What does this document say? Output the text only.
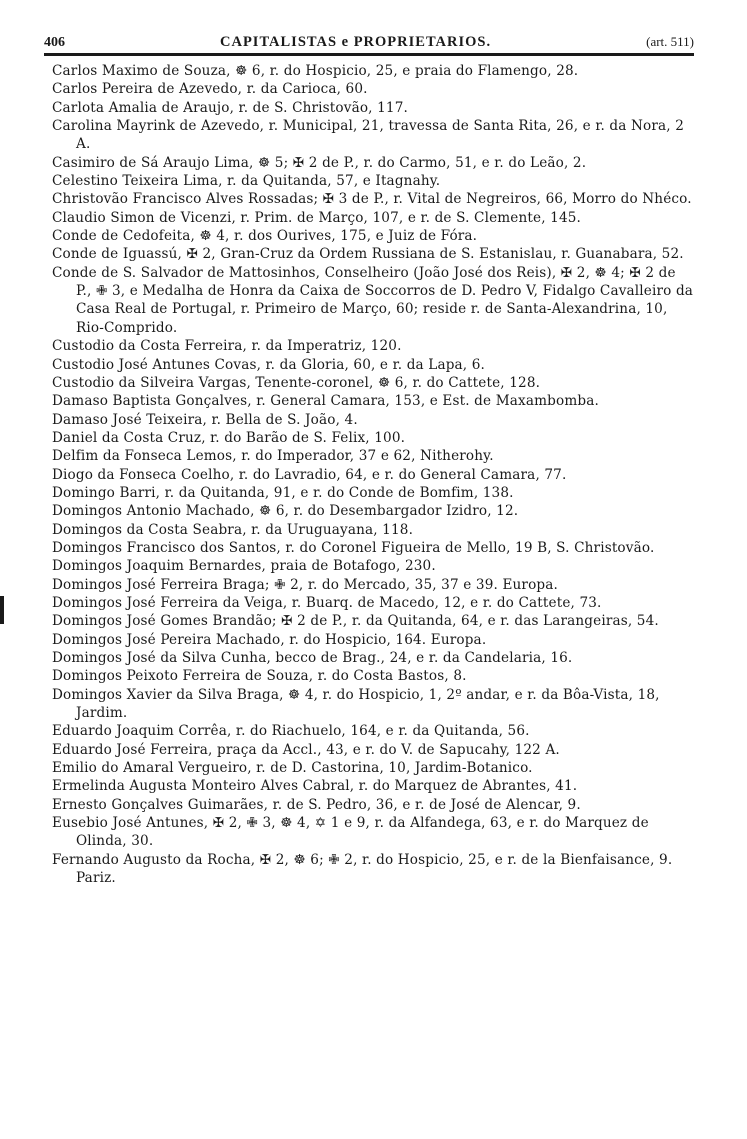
406	CAPITALISTAS e PROPRIETARIOS.	(art. 511)

Carlos Maximo de Souza, ☸ 6, r. do Hospicio, 25, e praia do Flamengo, 28.

Carlos Pereira de Azevedo, r. da Carioca, 60.

Carlota Amalia de Araujo, r. de S. Christovão, 117.

Carolina Mayrink de Azevedo, r. Municipal, 21, travessa de Santa Rita, 26, e r. da Nora, 2 A.

Casimiro de Sá Araujo Lima, ☸ 5; ✠ 2 de P., r. do Carmo, 51, e r. do Leão, 2.

Celestino Teixeira Lima, r. da Quitanda, 57, e Itagnahy.

Christovão Francisco Alves Rossadas; ✠ 3 de P., r. Vital de Negreiros, 66, Morro do Nhéco.

Claudio Simon de Vicenzi, r. Prim. de Março, 107, e r. de S. Clemente, 145.

Conde de Cedofeita, ☸ 4, r. dos Ourives, 175, e Juiz de Fóra.

Conde de Iguassú, ✠ 2, Gran-Cruz da Ordem Russiana de S. Estanislau, r. Guanabara, 52.

Conde de S. Salvador de Mattosinhos, Conselheiro (João José dos Reis), ✠ 2, ☸ 4; ✠ 2 de P., ✙ 3, e Medalha de Honra da Caixa de Soccorros de D. Pedro V, Fidalgo Cavalleiro da Casa Real de Portugal, r. Primeiro de Março, 60; reside r. de Santa-Alexandrina, 10, Rio-Comprido.

Custodio da Costa Ferreira, r. da Imperatriz, 120.

Custodio José Antunes Covas, r. da Gloria, 60, e r. da Lapa, 6.

Custodio da Silveira Vargas, Tenente-coronel, ☸ 6, r. do Cattete, 128.

Damaso Baptista Gonçalves, r. General Camara, 153, e Est. de Maxambomba.

Damaso José Teixeira, r. Bella de S. João, 4.

Daniel da Costa Cruz, r. do Barão de S. Felix, 100.

Delfim da Fonseca Lemos, r. do Imperador, 37 e 62, Nitherohy.

Diogo da Fonseca Coelho, r. do Lavradio, 64, e r. do General Camara, 77.

Domingo Barri, r. da Quitanda, 91, e r. do Conde de Bomfim, 138.

Domingos Antonio Machado, ☸ 6, r. do Desembargador Izidro, 12.

Domingos da Costa Seabra, r. da Uruguayana, 118.

Domingos Francisco dos Santos, r. do Coronel Figueira de Mello, 19 B, S. Christovão.

Domingos Joaquim Bernardes, praia de Botafogo, 230.

Domingos José Ferreira Braga; ✙ 2, r. do Mercado, 35, 37 e 39. Europa.

Domingos José Ferreira da Veiga, r. Buarq. de Macedo, 12, e r. do Cattete, 73.

Domingos José Gomes Brandão; ✠ 2 de P., r. da Quitanda, 64, e r. das Larangeiras, 54.

Domingos José Pereira Machado, r. do Hospicio, 164. Europa.

Domingos José da Silva Cunha, becco de Brag., 24, e r. da Candelaria, 16.

Domingos Peixoto Ferreira de Souza, r. do Costa Bastos, 8.

Domingos Xavier da Silva Braga, ☸ 4, r. do Hospicio, 1, 2º andar, e r. da Bôa-Vista, 18, Jardim.

Eduardo Joaquim Corrêa, r. do Riachuelo, 164, e r. da Quitanda, 56.

Eduardo José Ferreira, praça da Accl., 43, e r. do V. de Sapucahy, 122 A.

Emilio do Amaral Vergueiro, r. de D. Castorina, 10, Jardim-Botanico.

Ermelinda Augusta Monteiro Alves Cabral, r. do Marquez de Abrantes, 41.

Ernesto Gonçalves Guimarães, r. de S. Pedro, 36, e r. de José de Alencar, 9.

Eusebio José Antunes, ✠ 2, ✙ 3, ☸ 4, ✡ 1 e 9, r. da Alfandega, 63, e r. do Marquez de Olinda, 30.

Fernando Augusto da Rocha, ✠ 2, ☸ 6; ✙ 2, r. do Hospicio, 25, e r. de la Bienfaisance, 9. Pariz.
